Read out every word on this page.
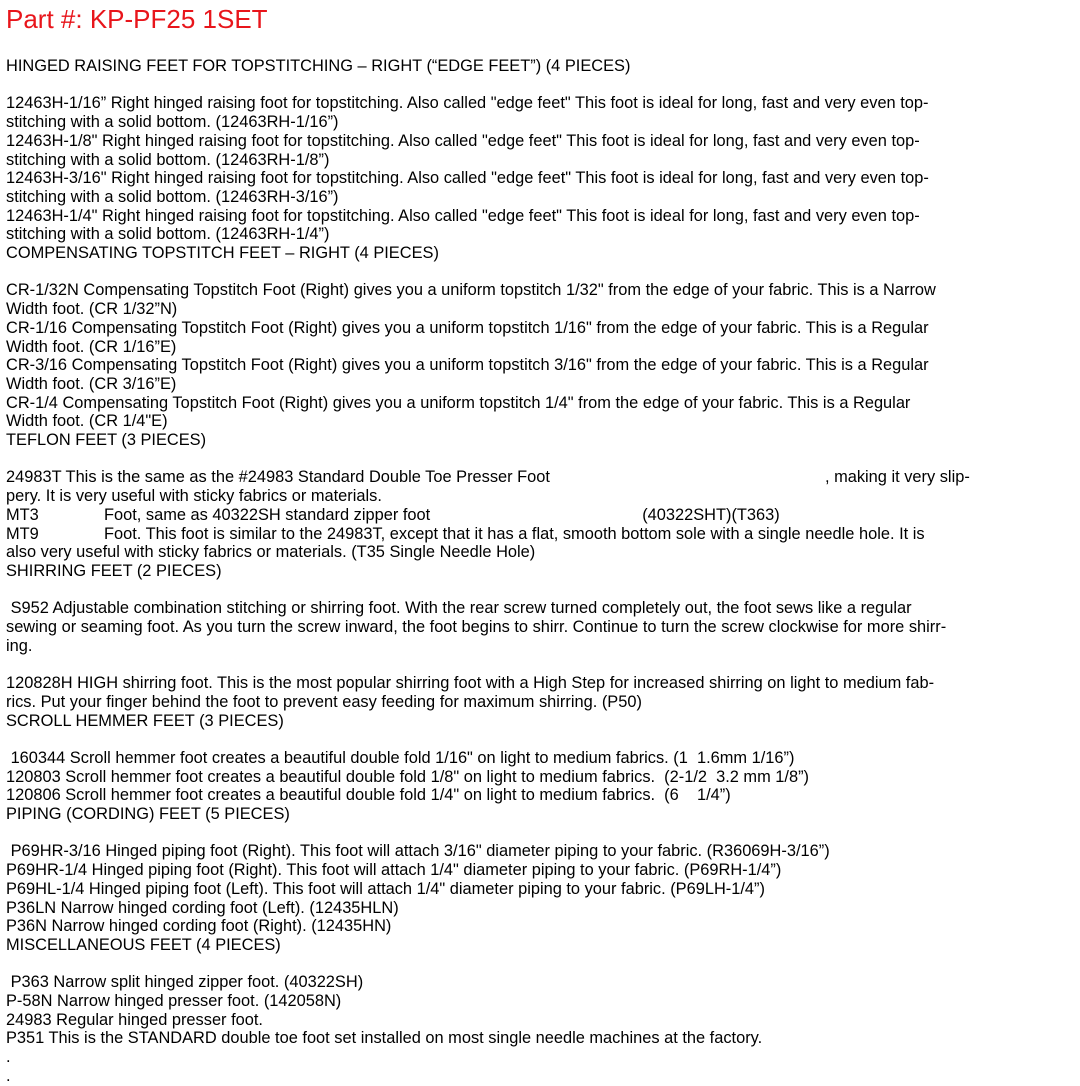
Part #: KP-PF25 1SET

HINGED RAISING FEET FOR TOPSTITCHING – RIGHT (“EDGE FEET”) (4 PIECES)

12463H-1/16” Right hinged raising foot for topstitching. Also called "edge feet" This foot is ideal for long, fast and very even top-

stitching with a solid bottom. (12463RH-1/16”)

12463H-1/8" Right hinged raising foot for topstitching. Also called "edge feet" This foot is ideal for long, fast and very even top-

stitching with a solid bottom. (12463RH-1/8”)

12463H-3/16" Right hinged raising foot for topstitching. Also called "edge feet" This foot is ideal for long, fast and very even top-

stitching with a solid bottom. (12463RH-3/16”)

12463H-1/4" Right hinged raising foot for topstitching. Also called "edge feet" This foot is ideal for long, fast and very even top-

stitching with a solid bottom. (12463RH-1/4”)

COMPENSATING TOPSTITCH FEET – RIGHT (4 PIECES)

CR-1/32N Compensating Topstitch Foot (Right) gives you a uniform topstitch 1/32" from the edge of your fabric. This is a Narrow

Width foot. (CR 1/32”N)

CR-1/16 Compensating Topstitch Foot (Right) gives you a uniform topstitch 1/16" from the edge of your fabric. This is a Regular

Width foot. (CR 1/16”E)

CR-3/16 Compensating Topstitch Foot (Right) gives you a uniform topstitch 3/16" from the edge of your fabric. This is a Regular

Width foot. (CR 3/16”E)

CR-1/4 Compensating Topstitch Foot (Right) gives you a uniform topstitch 1/4" from the edge of your fabric. This is a Regular

Width foot. (CR 1/4"E)

TEFLON FEET (3 PIECES)

24983T This is the same as the #24983 Standard Double Toe Presser Foot	, making it very slip-

pery. It is very useful with sticky fabrics or materials.

MT3	Foot, same as 40322SH standard zipper foot	(40322SHT)(T363)

MT9	Foot. This foot is similar to the 24983T, except that it has a flat, smooth bottom sole with a single needle hole. It is

also very useful with sticky fabrics or materials. (T35 Single Needle Hole)

SHIRRING FEET (2 PIECES)

S952 Adjustable combination stitching or shirring foot. With the rear screw turned completely out, the foot sews like a regular

sewing or seaming foot. As you turn the screw inward, the foot begins to shirr. Continue to turn the screw clockwise for more shirr-

ing.

120828H HIGH shirring foot. This is the most popular shirring foot with a High Step for increased shirring on light to medium fab-

rics. Put your finger behind the foot to prevent easy feeding for maximum shirring. (P50)

SCROLL HEMMER FEET (3 PIECES)

160344 Scroll hemmer foot creates a beautiful double fold 1/16" on light to medium fabrics. (1  1.6mm 1/16”)

120803 Scroll hemmer foot creates a beautiful double fold 1/8" on light to medium fabrics.  (2-1/2  3.2 mm 1/8”)

120806 Scroll hemmer foot creates a beautiful double fold 1/4" on light to medium fabrics.  (6    1/4”)

PIPING (CORDING) FEET (5 PIECES)

P69HR-3/16 Hinged piping foot (Right). This foot will attach 3/16" diameter piping to your fabric. (R36069H-3/16”)

P69HR-1/4 Hinged piping foot (Right). This foot will attach 1/4" diameter piping to your fabric. (P69RH-1/4”)

P69HL-1/4 Hinged piping foot (Left). This foot will attach 1/4" diameter piping to your fabric. (P69LH-1/4”)

P36LN Narrow hinged cording foot (Left). (12435HLN)

P36N Narrow hinged cording foot (Right). (12435HN)

MISCELLANEOUS FEET (4 PIECES)

P363 Narrow split hinged zipper foot. (40322SH)

P-58N Narrow hinged presser foot. (142058N)

24983 Regular hinged presser foot.

P351 This is the STANDARD double toe foot set installed on most single needle machines at the factory.

.

.
